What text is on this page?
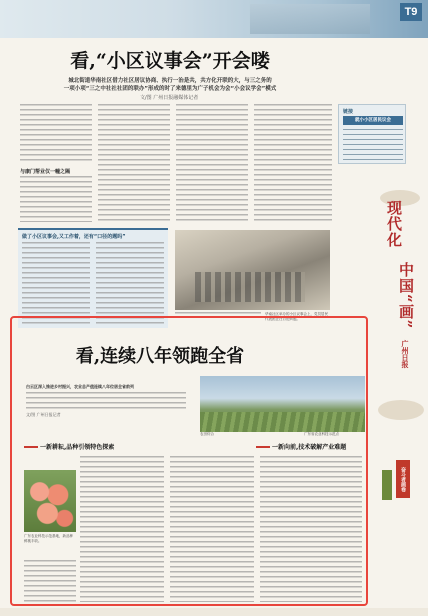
T9
看,“小区议事会”开会喽
城北街道华南社区借力社区居议协商、执行一治是共，共方化开联的大，与三之务的
一项小项“三之中社社社团的联办”形成的时了来德里为广子机会为会“小会议学会”模式
文/图 广州日报融媒体记者
与康门帮业仅一幢之隔
链接
就小小区居民议会
做了小区议事会,又工作着，还有“口径的题吗”
华南社区举办的小区议事会上，党员居民代表团正在讨论问题。
现代化
中国“画”
广州日报
奋斗者画卷
看,连续八年领跑全省
白云区深入推进乡村振兴，农业总产值连续八年位居全省前列
文/图 广州日报记者
农田综合	广东省农业科技示范点
一新耕耘,品种引领特色探索	一新向前,技术破解产业难题
广东农业科技示范基地，新品种鲜桃丰收。
